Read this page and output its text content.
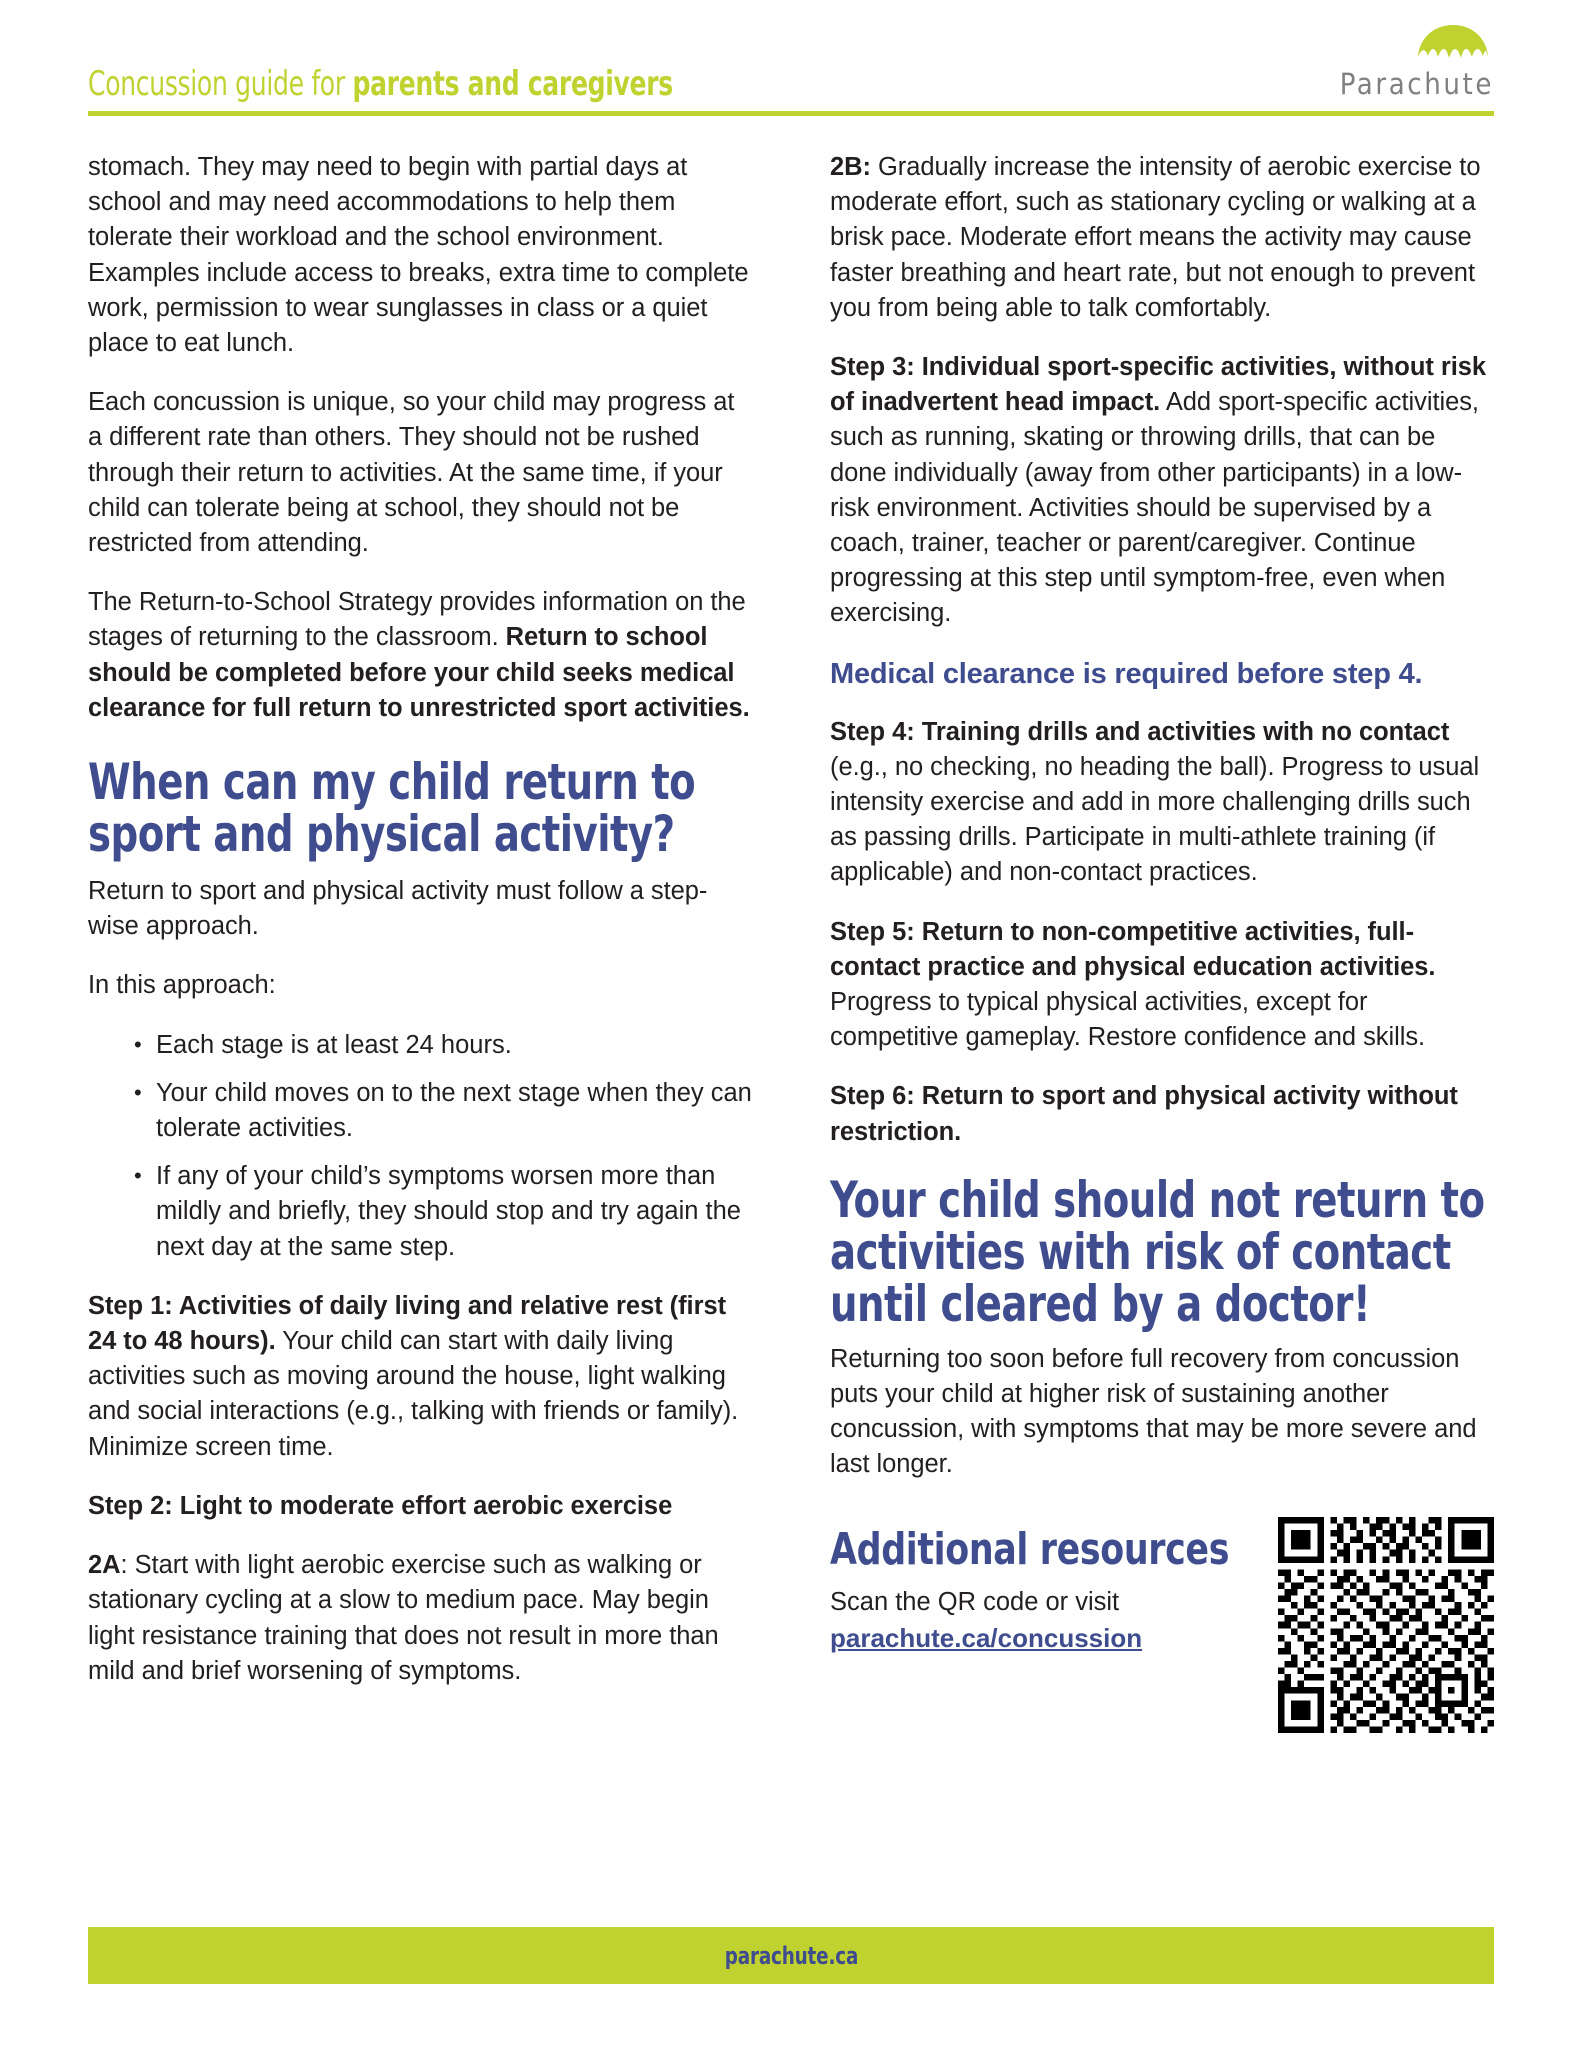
Concussion guide for parents and caregivers	Parachute

stomach. They may need to begin with partial days at school and may need accommodations to help them tolerate their workload and the school environment. Examples include access to breaks, extra time to complete work, permission to wear sunglasses in class or a quiet place to eat lunch.

Each concussion is unique, so your child may progress at a different rate than others. They should not be rushed through their return to activities. At the same time, if your child can tolerate being at school, they should not be restricted from attending.

The Return-to-School Strategy provides information on the stages of returning to the classroom. Return to school should be completed before your child seeks medical clearance for full return to unrestricted sport activities.

When can my child return to sport and physical activity?

Return to sport and physical activity must follow a step-wise approach.

In this approach:

• Each stage is at least 24 hours.
• Your child moves on to the next stage when they can tolerate activities.
• If any of your child’s symptoms worsen more than mildly and briefly, they should stop and try again the next day at the same step.

Step 1: Activities of daily living and relative rest (first 24 to 48 hours). Your child can start with daily living activities such as moving around the house, light walking and social interactions (e.g., talking with friends or family). Minimize screen time.

Step 2: Light to moderate effort aerobic exercise

2A: Start with light aerobic exercise such as walking or stationary cycling at a slow to medium pace. May begin light resistance training that does not result in more than mild and brief worsening of symptoms.

2B: Gradually increase the intensity of aerobic exercise to moderate effort, such as stationary cycling or walking at a brisk pace. Moderate effort means the activity may cause faster breathing and heart rate, but not enough to prevent you from being able to talk comfortably.

Step 3: Individual sport-specific activities, without risk of inadvertent head impact. Add sport-specific activities, such as running, skating or throwing drills, that can be done individually (away from other participants) in a low-risk environment. Activities should be supervised by a coach, trainer, teacher or parent/caregiver. Continue progressing at this step until symptom-free, even when exercising.

Medical clearance is required before step 4.

Step 4: Training drills and activities with no contact (e.g., no checking, no heading the ball). Progress to usual intensity exercise and add in more challenging drills such as passing drills. Participate in multi-athlete training (if applicable) and non-contact practices.

Step 5: Return to non-competitive activities, full-contact practice and physical education activities. Progress to typical physical activities, except for competitive gameplay. Restore confidence and skills.

Step 6: Return to sport and physical activity without restriction.

Your child should not return to activities with risk of contact until cleared by a doctor!

Returning too soon before full recovery from concussion puts your child at higher risk of sustaining another concussion, with symptoms that may be more severe and last longer.

Additional resources
Scan the QR code or visit
parachute.ca/concussion
parachute.ca
